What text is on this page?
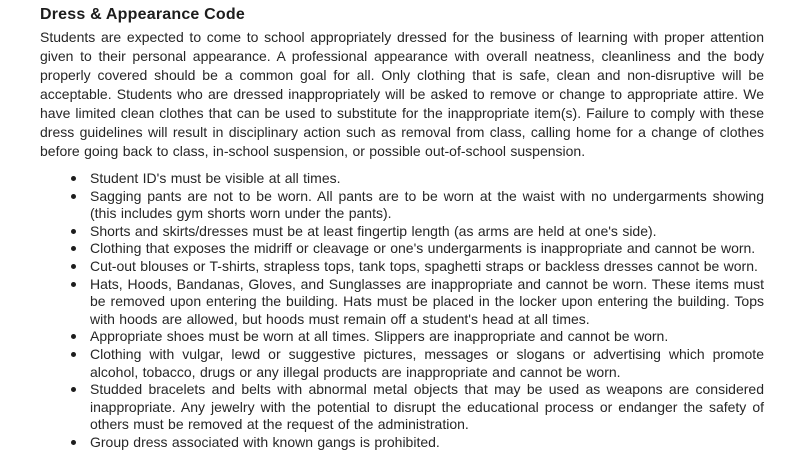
Dress & Appearance Code

Students are expected to come to school appropriately dressed for the business of learning with proper attention given to their personal appearance. A professional appearance with overall neatness, cleanliness and the body properly covered should be a common goal for all. Only clothing that is safe, clean and non-disruptive will be acceptable. Students who are dressed inappropriately will be asked to remove or change to appropriate attire. We have limited clean clothes that can be used to substitute for the inappropriate item(s). Failure to comply with these dress guidelines will result in disciplinary action such as removal from class, calling home for a change of clothes before going back to class, in-school suspension, or possible out-of-school suspension.

Student ID's must be visible at all times.
Sagging pants are not to be worn. All pants are to be worn at the waist with no undergarments showing (this includes gym shorts worn under the pants).
Shorts and skirts/dresses must be at least fingertip length (as arms are held at one's side).
Clothing that exposes the midriff or cleavage or one's undergarments is inappropriate and cannot be worn.
Cut-out blouses or T-shirts, strapless tops, tank tops, spaghetti straps or backless dresses cannot be worn.
Hats, Hoods, Bandanas, Gloves, and Sunglasses are inappropriate and cannot be worn. These items must be removed upon entering the building. Hats must be placed in the locker upon entering the building. Tops with hoods are allowed, but hoods must remain off a student's head at all times.
Appropriate shoes must be worn at all times. Slippers are inappropriate and cannot be worn.
Clothing with vulgar, lewd or suggestive pictures, messages or slogans or advertising which promote alcohol, tobacco, drugs or any illegal products are inappropriate and cannot be worn.
Studded bracelets and belts with abnormal metal objects that may be used as weapons are considered inappropriate. Any jewelry with the potential to disrupt the educational process or endanger the safety of others must be removed at the request of the administration.
Group dress associated with known gangs is prohibited.
